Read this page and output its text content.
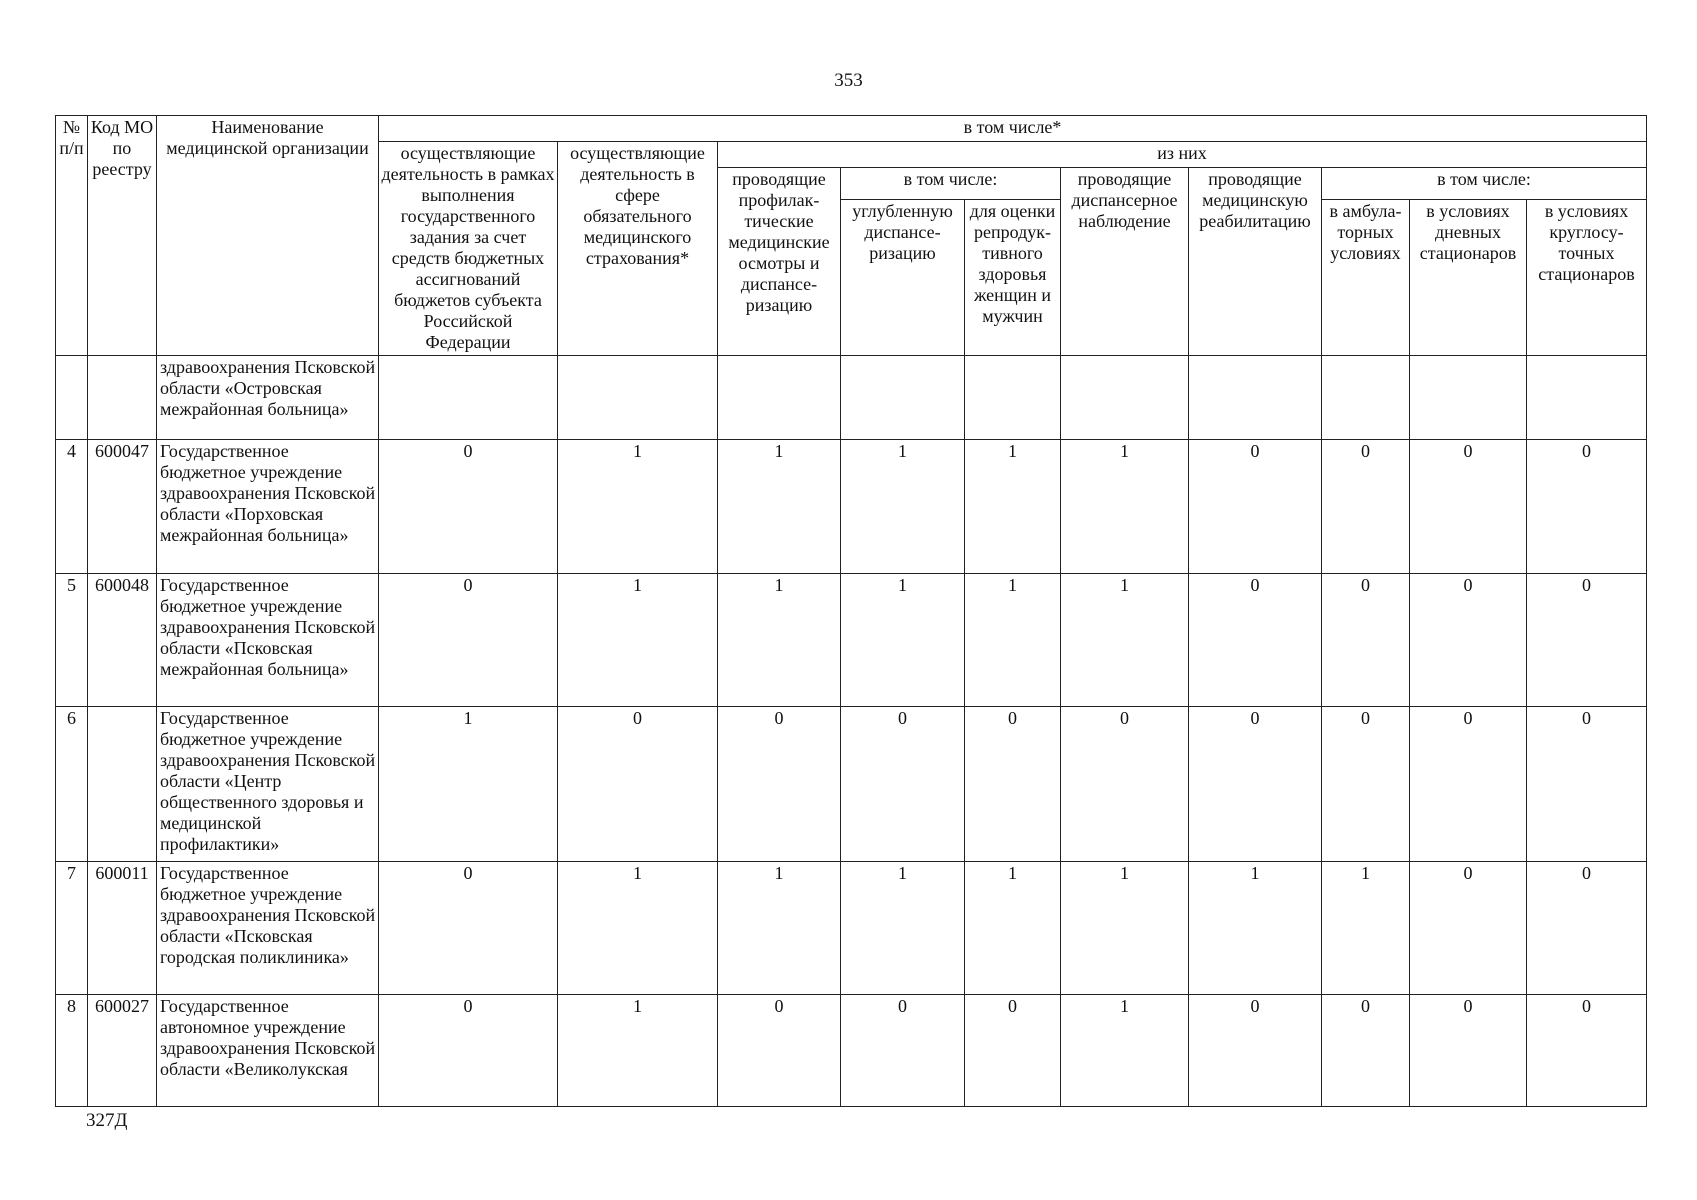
353
№ п/п	Код МО по реестру	Наименование медицинской организации	в том числе*									
			осуществляющие деятельность в рамках выполнения государственного задания за счет средств бюджетных ассигнований бюджетов субъекта Российской Федерации	осуществляющие деятельность в сфере обязательного медицинского страхования*	из них							
					проводящие профилак-тические медицинские осмотры и диспансе-ризацию	в том числе:		проводящие диспансерное наблюдение	проводящие медицинскую реабилитацию	в том числе:		
						углубленную диспансе-ризацию	для оценки репродук-тивного здоровья женщин и мужчин			в амбула-торных условиях	в условиях дневных стационаров	в условиях круглосу-точных стационаров

		здравоохранения Псковской области «Островская межрайонная больница»										
4	600047	Государственное бюджетное учреждение здравоохранения Псковской области «Порховская межрайонная больница»	0	1	1	1	1	1	0	0	0	0
5	600048	Государственное бюджетное учреждение здравоохранения Псковской области «Псковская межрайонная больница»	0	1	1	1	1	1	0	0	0	0
6		Государственное бюджетное учреждение здравоохранения Псковской области «Центр общественного здоровья и медицинской профилактики»	1	0	0	0	0	0	0	0	0	0
7	600011	Государственное бюджетное учреждение здравоохранения Псковской области «Псковская городская поликлиника»	0	1	1	1	1	1	1	1	0	0
8	600027	Государственное автономное учреждение здравоохранения Псковской области «Великолукская	0	1	0	0	0	1	0	0	0	0
327Д
